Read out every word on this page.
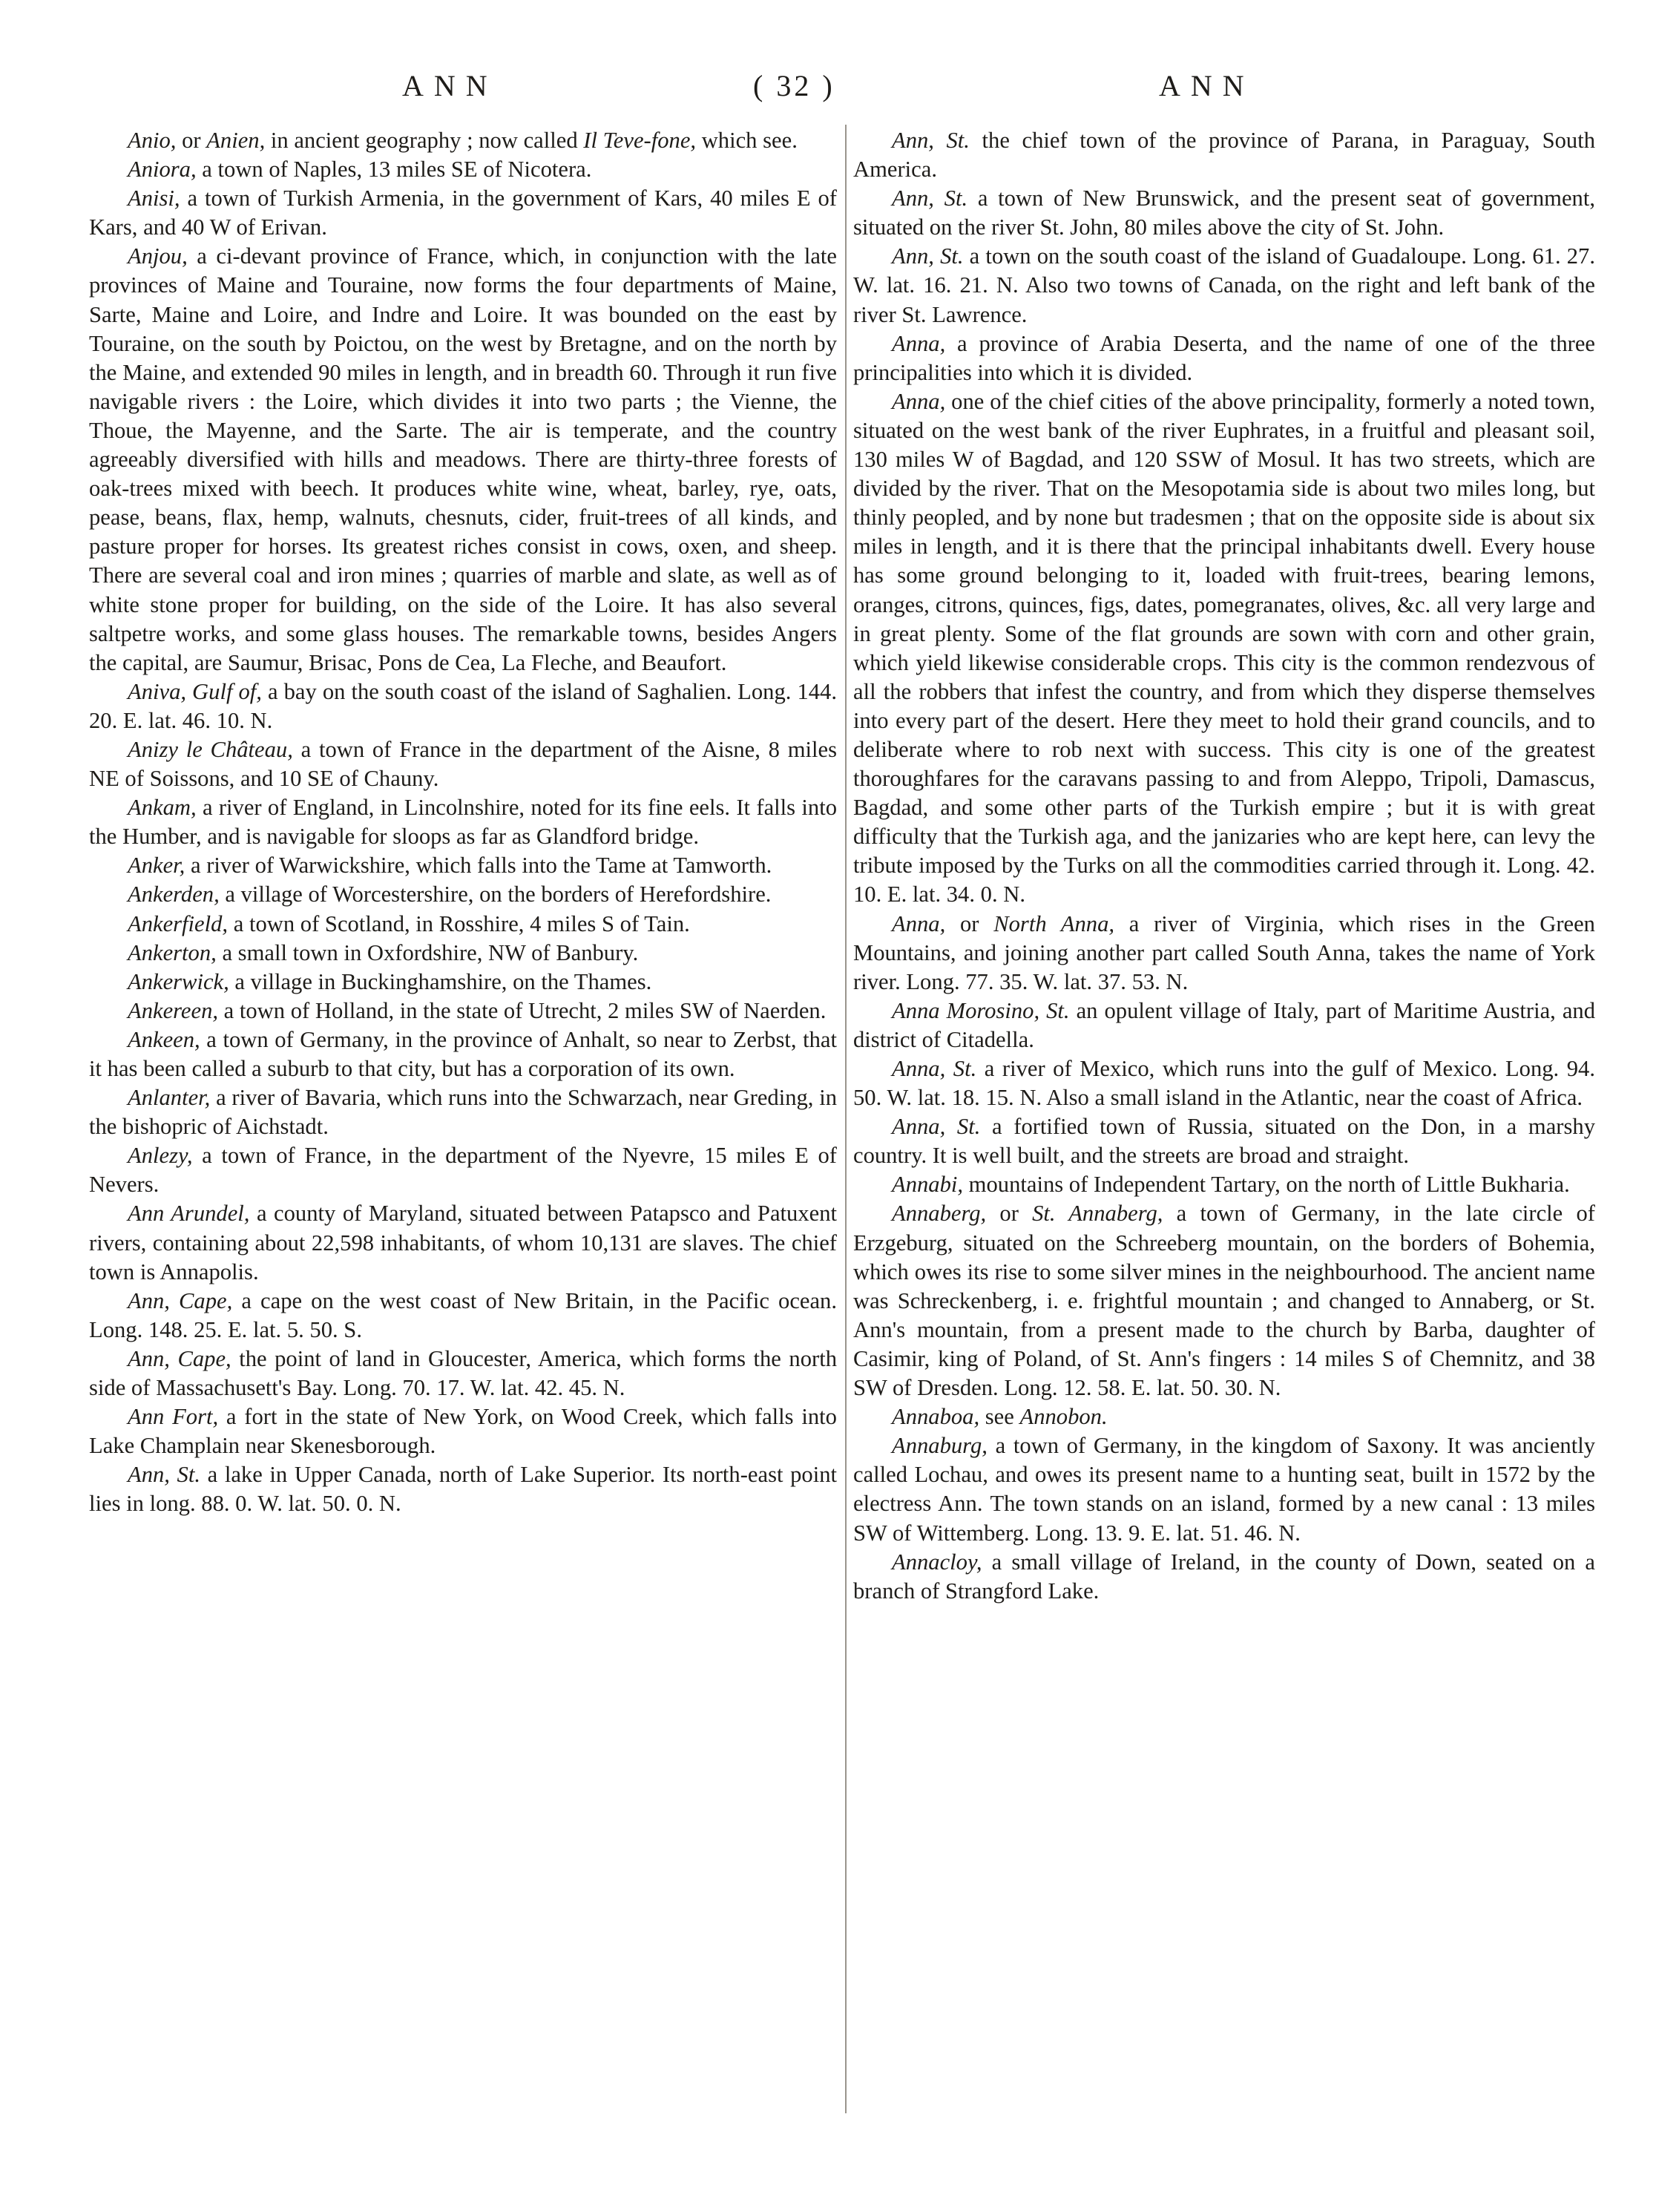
ANN	( 32 )	ANN

Anio, or Anien, in ancient geography ; now called Il Teve-fone, which see.

Aniora, a town of Naples, 13 miles SE of Nicotera.

Anisi, a town of Turkish Armenia, in the government of Kars, 40 miles E of Kars, and 40 W of Erivan.

Anjou, a ci-devant province of France, which, in conjunction with the late provinces of Maine and Touraine, now forms the four departments of Maine, Sarte, Maine and Loire, and Indre and Loire. It was bounded on the east by Touraine, on the south by Poictou, on the west by Bretagne, and on the north by the Maine, and extended 90 miles in length, and in breadth 60. Through it run five navigable rivers : the Loire, which divides it into two parts ; the Vienne, the Thoue, the Mayenne, and the Sarte. The air is temperate, and the country agreeably diversified with hills and meadows. There are thirty-three forests of oak-trees mixed with beech. It produces white wine, wheat, barley, rye, oats, pease, beans, flax, hemp, walnuts, chesnuts, cider, fruit-trees of all kinds, and pasture proper for horses. Its greatest riches consist in cows, oxen, and sheep. There are several coal and iron mines ; quarries of marble and slate, as well as of white stone proper for building, on the side of the Loire. It has also several saltpetre works, and some glass houses. The remarkable towns, besides Angers the capital, are Saumur, Brisac, Pons de Cea, La Fleche, and Beaufort.

Aniva, Gulf of, a bay on the south coast of the island of Saghalien. Long. 144. 20. E. lat. 46. 10. N.

Anizy le Château, a town of France in the department of the Aisne, 8 miles NE of Soissons, and 10 SE of Chauny.

Ankam, a river of England, in Lincolnshire, noted for its fine eels. It falls into the Humber, and is navigable for sloops as far as Glandford bridge.

Anker, a river of Warwickshire, which falls into the Tame at Tamworth.

Ankerden, a village of Worcestershire, on the borders of Herefordshire.

Ankerfield, a town of Scotland, in Rosshire, 4 miles S of Tain.

Ankerton, a small town in Oxfordshire, NW of Banbury.

Ankerwick, a village in Buckinghamshire, on the Thames.

Ankereen, a town of Holland, in the state of Utrecht, 2 miles SW of Naerden.

Ankeen, a town of Germany, in the province of Anhalt, so near to Zerbst, that it has been called a suburb to that city, but has a corporation of its own.

Anlanter, a river of Bavaria, which runs into the Schwarzach, near Greding, in the bishopric of Aichstadt.

Anlezy, a town of France, in the department of the Nyevre, 15 miles E of Nevers.

Ann Arundel, a county of Maryland, situated between Patapsco and Patuxent rivers, containing about 22,598 inhabitants, of whom 10,131 are slaves. The chief town is Annapolis.

Ann, Cape, a cape on the west coast of New Britain, in the Pacific ocean. Long. 148. 25. E. lat. 5. 50. S.

Ann, Cape, the point of land in Gloucester, America, which forms the north side of Massachusett's Bay. Long. 70. 17. W. lat. 42. 45. N.

Ann Fort, a fort in the state of New York, on Wood Creek, which falls into Lake Champlain near Skenesborough.

Ann, St. a lake in Upper Canada, north of Lake Superior. Its north-east point lies in long. 88. 0. W. lat. 50. 0. N.

Ann, St. the chief town of the province of Parana, in Paraguay, South America.

Ann, St. a town of New Brunswick, and the present seat of government, situated on the river St. John, 80 miles above the city of St. John.

Ann, St. a town on the south coast of the island of Guadaloupe. Long. 61. 27. W. lat. 16. 21. N. Also two towns of Canada, on the right and left bank of the river St. Lawrence.

Anna, a province of Arabia Deserta, and the name of one of the three principalities into which it is divided.

Anna, one of the chief cities of the above principality, formerly a noted town, situated on the west bank of the river Euphrates, in a fruitful and pleasant soil, 130 miles W of Bagdad, and 120 SSW of Mosul. It has two streets, which are divided by the river. That on the Mesopotamia side is about two miles long, but thinly peopled, and by none but tradesmen ; that on the opposite side is about six miles in length, and it is there that the principal inhabitants dwell. Every house has some ground belonging to it, loaded with fruit-trees, bearing lemons, oranges, citrons, quinces, figs, dates, pomegranates, olives, &c. all very large and in great plenty. Some of the flat grounds are sown with corn and other grain, which yield likewise considerable crops. This city is the common rendezvous of all the robbers that infest the country, and from which they disperse themselves into every part of the desert. Here they meet to hold their grand councils, and to deliberate where to rob next with success. This city is one of the greatest thoroughfares for the caravans passing to and from Aleppo, Tripoli, Damascus, Bagdad, and some other parts of the Turkish empire ; but it is with great difficulty that the Turkish aga, and the janizaries who are kept here, can levy the tribute imposed by the Turks on all the commodities carried through it. Long. 42. 10. E. lat. 34. 0. N.

Anna, or North Anna, a river of Virginia, which rises in the Green Mountains, and joining another part called South Anna, takes the name of York river. Long. 77. 35. W. lat. 37. 53. N.

Anna Morosino, St. an opulent village of Italy, part of Maritime Austria, and district of Citadella.

Anna, St. a river of Mexico, which runs into the gulf of Mexico. Long. 94. 50. W. lat. 18. 15. N. Also a small island in the Atlantic, near the coast of Africa.

Anna, St. a fortified town of Russia, situated on the Don, in a marshy country. It is well built, and the streets are broad and straight.

Annabi, mountains of Independent Tartary, on the north of Little Bukharia.

Annaberg, or St. Annaberg, a town of Germany, in the late circle of Erzgeburg, situated on the Schreeberg mountain, on the borders of Bohemia, which owes its rise to some silver mines in the neighbourhood. The ancient name was Schreckenberg, i. e. frightful mountain ; and changed to Annaberg, or St. Ann's mountain, from a present made to the church by Barba, daughter of Casimir, king of Poland, of St. Ann's fingers : 14 miles S of Chemnitz, and 38 SW of Dresden. Long. 12. 58. E. lat. 50. 30. N.

Annaboa, see Annobon.

Annaburg, a town of Germany, in the kingdom of Saxony. It was anciently called Lochau, and owes its present name to a hunting seat, built in 1572 by the electress Ann. The town stands on an island, formed by a new canal : 13 miles SW of Wittemberg. Long. 13. 9. E. lat. 51. 46. N.

Annacloy, a small village of Ireland, in the county of Down, seated on a branch of Strangford Lake.
